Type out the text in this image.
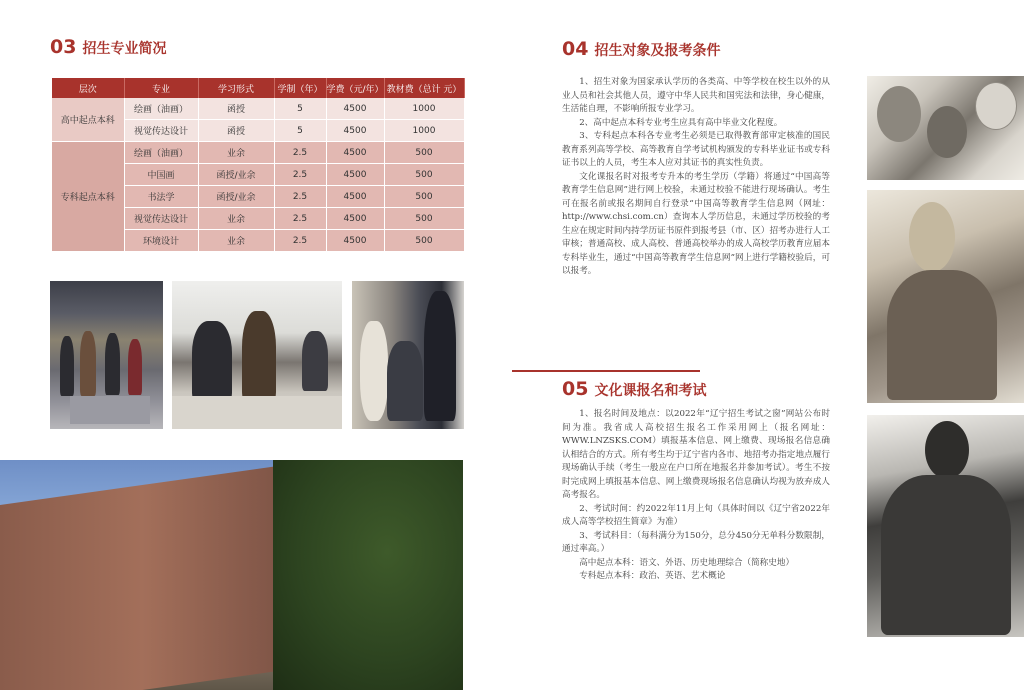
03 招生专业简况
层次	专业	学习形式	学制（年）	学费（元/年）	教材费（总计 元）
高中起点本科	绘画（油画）	函授	5	4500	1000
	视觉传达设计	函授	5	4500	1000
专科起点本科	绘画（油画）	业余	2.5	4500	500
	中国画	函授/业余	2.5	4500	500
	书法学	函授/业余	2.5	4500	500
	视觉传达设计	业余	2.5	4500	500
	环境设计	业余	2.5	4500	500
04 招生对象及报考条件

1、招生对象为国家承认学历的各类高、中等学校在校生以外的从业人员和社会其他人员，遵守中华人民共和国宪法和法律，身心健康，生活能自理，不影响所报专业学习。

2、高中起点本科专业考生应具有高中毕业文化程度。

3、专科起点本科各专业考生必须是已取得教育部审定核准的国民教育系列高等学校、高等教育自学考试机构颁发的专科毕业证书或专科证书以上的人员，考生本人应对其证书的真实性负责。

文化课报名时对报考专升本的考生学历（学籍）将通过“中国高等教育学生信息网”进行网上校验，未通过校验不能进行现场确认。考生可在报名前或报名期间自行登录“中国高等教育学生信息网（网址：http://www.chsi.com.cn）查询本人学历信息，未通过学历校验的考生应在规定时间内持学历证书原件到报考县（市、区）招考办进行人工审核；普通高校、成人高校、普通高校举办的成人高校学历教育应届本专科毕业生，通过“中国高等教育学生信息网”网上进行学籍校验后，可以报考。

05 文化课报名和考试

1、报名时间及地点：以2022年“辽宁招生考试之窗”网站公布时间为准。我省成人高校招生报名工作采用网上（报名网址：WWW.LNZSKS.COM）填报基本信息、网上缴费、现场报名信息确认相结合的方式。所有考生均于辽宁省内各市、地招考办指定地点履行现场确认手续（考生一般应在户口所在地报名并参加考试）。考生不按时完成网上填报基本信息、网上缴费现场报名信息确认均视为放弃成人高考报名。

2、考试时间：约2022年11月上旬（具体时间以《辽宁省2022年成人高等学校招生简章》为准）

3、考试科目：（每科满分为150分，总分450分无单科分数限制，通过率高。）

高中起点本科：语文、外语、历史地理综合（简称史地）

专科起点本科：政治、英语、艺术概论
